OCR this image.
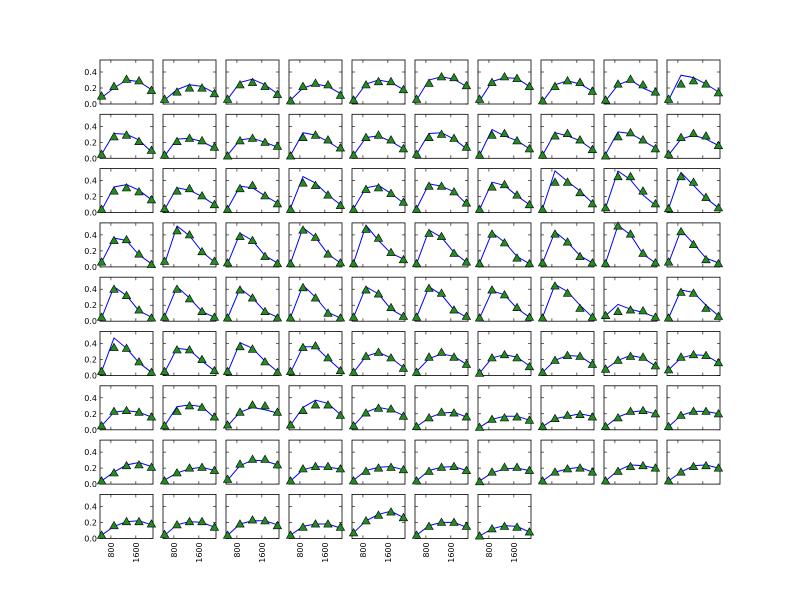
0.0
0.2
0.4
0.0
0.2
0.4
0.0
0.2
0.4
0.0
0.2
0.4
0.0
0.2
0.4
0.0
0.2
0.4
0.0
0.2
0.4
0.0
0.2
0.4
0.0
0.2
0.4
800 1600	800 1600	800 1600	800 1600	800 1600	800 1600	800 1600
